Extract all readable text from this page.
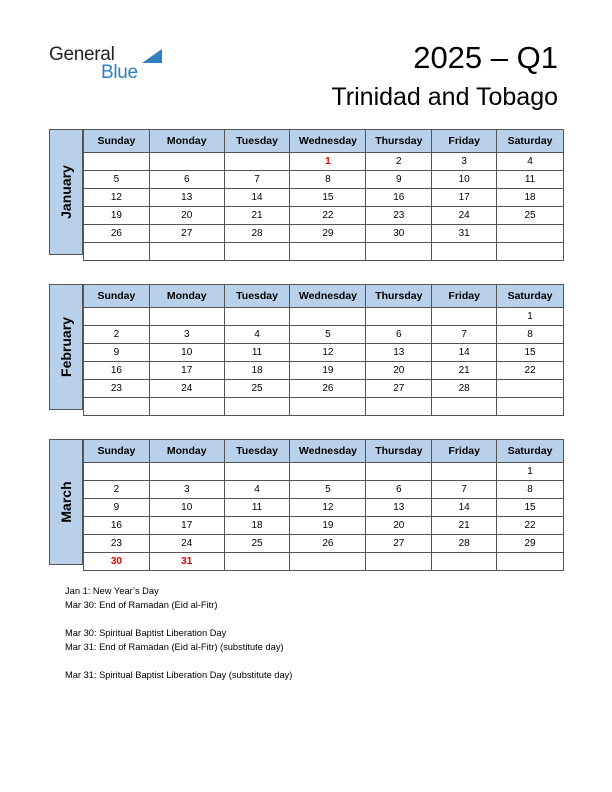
General
Blue	2025 – Q1
Trinidad and Tobago
January
Sunday	Monday	Tuesday	Wednesday	Thursday	Friday	Saturday
			1	2	3	4
5	6	7	8	9	10	11
12	13	14	15	16	17	18
19	20	21	22	23	24	25
26	27	28	29	30	31	

February
Sunday	Monday	Tuesday	Wednesday	Thursday	Friday	Saturday
						1
2	3	4	5	6	7	8
9	10	11	12	13	14	15
16	17	18	19	20	21	22
23	24	25	26	27	28	

March
Sunday	Monday	Tuesday	Wednesday	Thursday	Friday	Saturday
						1
2	3	4	5	6	7	8
9	10	11	12	13	14	15
16	17	18	19	20	21	22
23	24	25	26	27	28	29
30	31					
Jan 1: New Year’s Day
Mar 30: End of Ramadan (Eid al-Fitr)
Mar 30: Spiritual Baptist Liberation Day
Mar 31: End of Ramadan (Eid al-Fitr) (substitute day)
Mar 31: Spiritual Baptist Liberation Day (substitute day)
